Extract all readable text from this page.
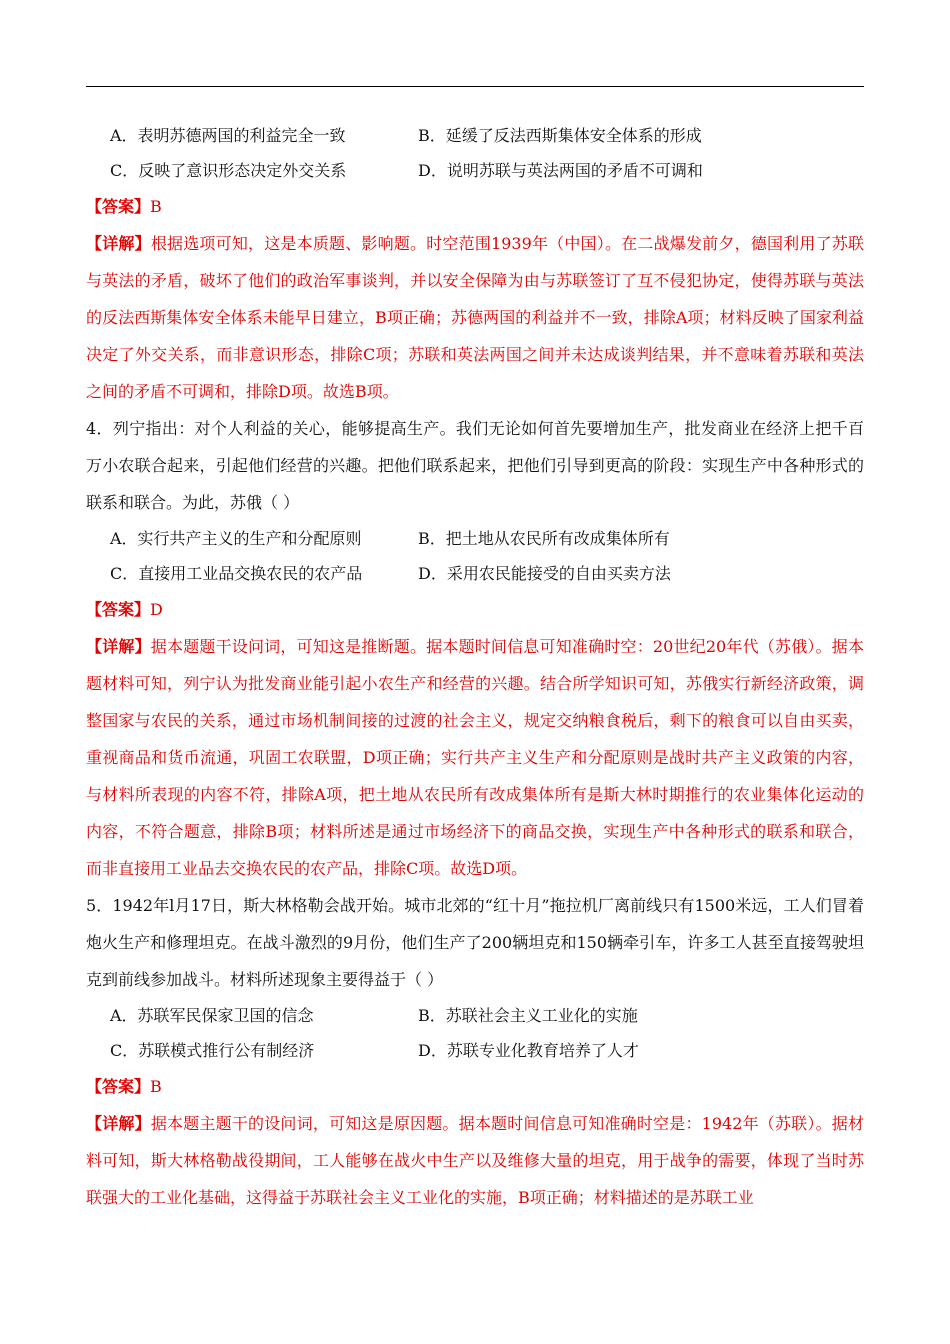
A．表明苏德两国的利益完全一致	B．延缓了反法西斯集体安全体系的形成
C．反映了意识形态决定外交关系	D．说明苏联与英法两国的矛盾不可调和

【答案】B

【详解】根据选项可知，这是本质题、影响题。时空范围1939年（中国）。在二战爆发前夕，德国利用了苏联与英法的矛盾，破坏了他们的政治军事谈判，并以安全保障为由与苏联签订了互不侵犯协定，使得苏联与英法的反法西斯集体安全体系未能早日建立，B项正确；苏德两国的利益并不一致，排除A项；材料反映了国家利益决定了外交关系，而非意识形态，排除C项；苏联和英法两国之间并未达成谈判结果，并不意味着苏联和英法之间的矛盾不可调和，排除D项。故选B项。

4．列宁指出：对个人利益的关心，能够提高生产。我们无论如何首先要增加生产，批发商业在经济上把千百万小农联合起来，引起他们经营的兴趣。把他们联系起来，把他们引导到更高的阶段：实现生产中各种形式的联系和联合。为此，苏俄（ ）

A．实行共产主义的生产和分配原则	B．把土地从农民所有改成集体所有
C．直接用工业品交换农民的农产品	D．采用农民能接受的自由买卖方法

【答案】D

【详解】据本题题干设问词，可知这是推断题。据本题时间信息可知准确时空：20世纪20年代（苏俄）。据本题材料可知，列宁认为批发商业能引起小农生产和经营的兴趣。结合所学知识可知，苏俄实行新经济政策，调整国家与农民的关系，通过市场机制间接的过渡的社会主义，规定交纳粮食税后，剩下的粮食可以自由买卖，重视商品和货币流通，巩固工农联盟，D项正确；实行共产主义生产和分配原则是战时共产主义政策的内容，与材料所表现的内容不符，排除A项，把土地从农民所有改成集体所有是斯大林时期推行的农业集体化运动的内容，不符合题意，排除B项；材料所述是通过市场经济下的商品交换，实现生产中各种形式的联系和联合，而非直接用工业品去交换农民的农产品，排除C项。故选D项。

5．1942年l月17日，斯大林格勒会战开始。城市北郊的“红十月”拖拉机厂离前线只有1500米远，工人们冒着炮火生产和修理坦克。在战斗激烈的9月份，他们生产了200辆坦克和150辆牵引车，许多工人甚至直接驾驶坦克到前线参加战斗。材料所述现象主要得益于（ ）

A．苏联军民保家卫国的信念	B．苏联社会主义工业化的实施
C．苏联模式推行公有制经济	D．苏联专业化教育培养了人才

【答案】B

【详解】据本题主题干的设问词，可知这是原因题。据本题时间信息可知准确时空是：1942年（苏联）。据材料可知，斯大林格勒战役期间，工人能够在战火中生产以及维修大量的坦克，用于战争的需要，体现了当时苏联强大的工业化基础，这得益于苏联社会主义工业化的实施，B项正确；材料描述的是苏联工业
